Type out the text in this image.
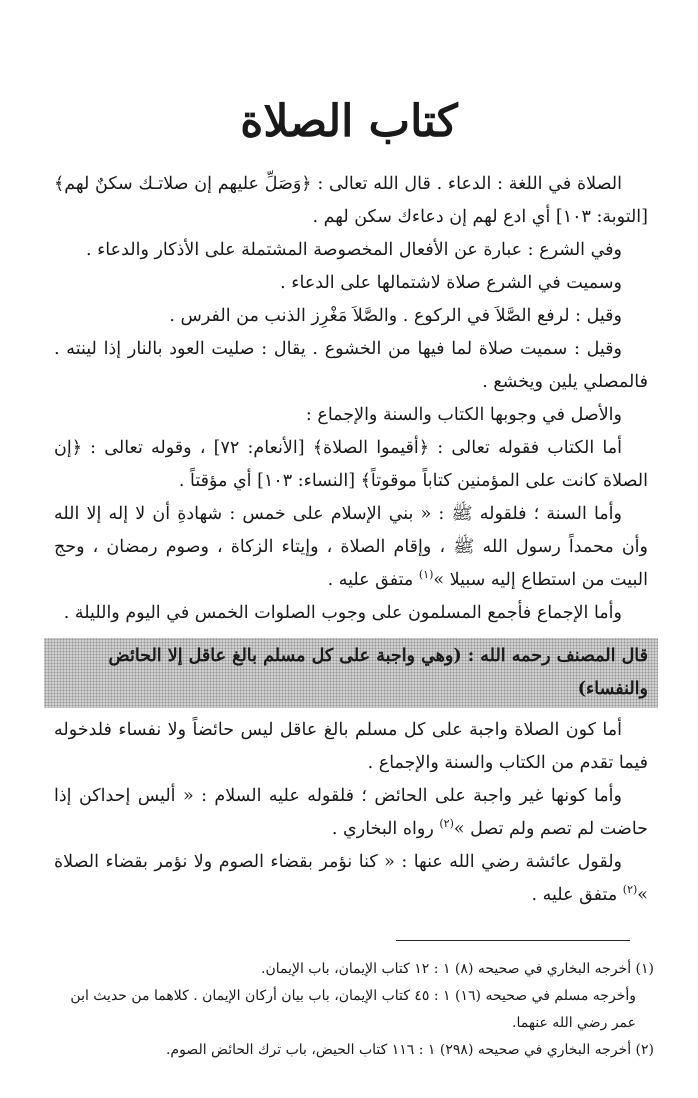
كتاب الصلاة

الصلاة في اللغة : الدعاء . قال الله تعالى : ﴿وَصَلِّ عليهم إن صلاتـك سكنٌ لهم﴾ [التوبة: ١٠٣] أي ادع لهم إن دعاءك سكن لهم .

وفي الشرع : عبارة عن الأفعال المخصوصة المشتملة على الأذكار والدعاء .

وسميت في الشرع صلاة لاشتمالها على الدعاء .

وقيل : لرفع الصَّلاَ في الركوع . والصَّلاَ مَغْرِز الذنب من الفرس .

وقيل : سميت صلاة لما فيها من الخشوع . يقال : صليت العود بالنار إذا لينته . فالمصلي يلين ويخشع .

والأصل في وجوبها الكتاب والسنة والإجماع :

أما الكتاب فقوله تعالى : ﴿أقيموا الصلاة﴾ [الأنعام: ٧٢] ، وقوله تعالى : ﴿إن الصلاة كانت على المؤمنين كتاباً موقوتاً﴾ [النساء: ١٠٣] أي مؤقتاً .

وأما السنة ؛ فلقوله ﷺ : « بني الإسلام على خمس : شهادةِ أن لا إله إلا الله وأن محمداً رسول الله ﷺ ، وإقام الصلاة ، وإيتاء الزكاة ، وصوم رمضان ، وحج البيت من استطاع إليه سبيلا »$^{(١)}$ متفق عليه .

وأما الإجماع فأجمع المسلمون على وجوب الصلوات الخمس في اليوم والليلة .

قال المصنف رحمه الله : (وهي واجبة على كل مسلم بالغ عاقل إلا الحائض والنفساء)

أما كون الصلاة واجبة على كل مسلم بالغ عاقل ليس حائضاً ولا نفساء فلدخوله فيما تقدم من الكتاب والسنة والإجماع .

وأما كونها غير واجبة على الحائض ؛ فلقوله عليه السلام : « أليس إحداكن إذا حاضت لم تصم ولم تصل »$^{(٢)}$ رواه البخاري .

ولقول عائشة رضي الله عنها : « كنا نؤمر بقضاء الصوم ولا نؤمر بقضاء الصلاة »$^{(٢)}$ متفق عليه .

(١) أخرجه البخاري في صحيحه (٨) ١ : ١٢ كتاب الإيمان، باب الإيمان.

وأخرجه مسلم في صحيحه (١٦) ١ : ٤٥ كتاب الإيمان، باب بيان أركان الإيمان . كلاهما من حديث ابن عمر رضي الله عنهما.

(٢) أخرجه البخاري في صحيحه (٢٩٨) ١ : ١١٦ كتاب الحيض، باب ترك الحائض الصوم.
